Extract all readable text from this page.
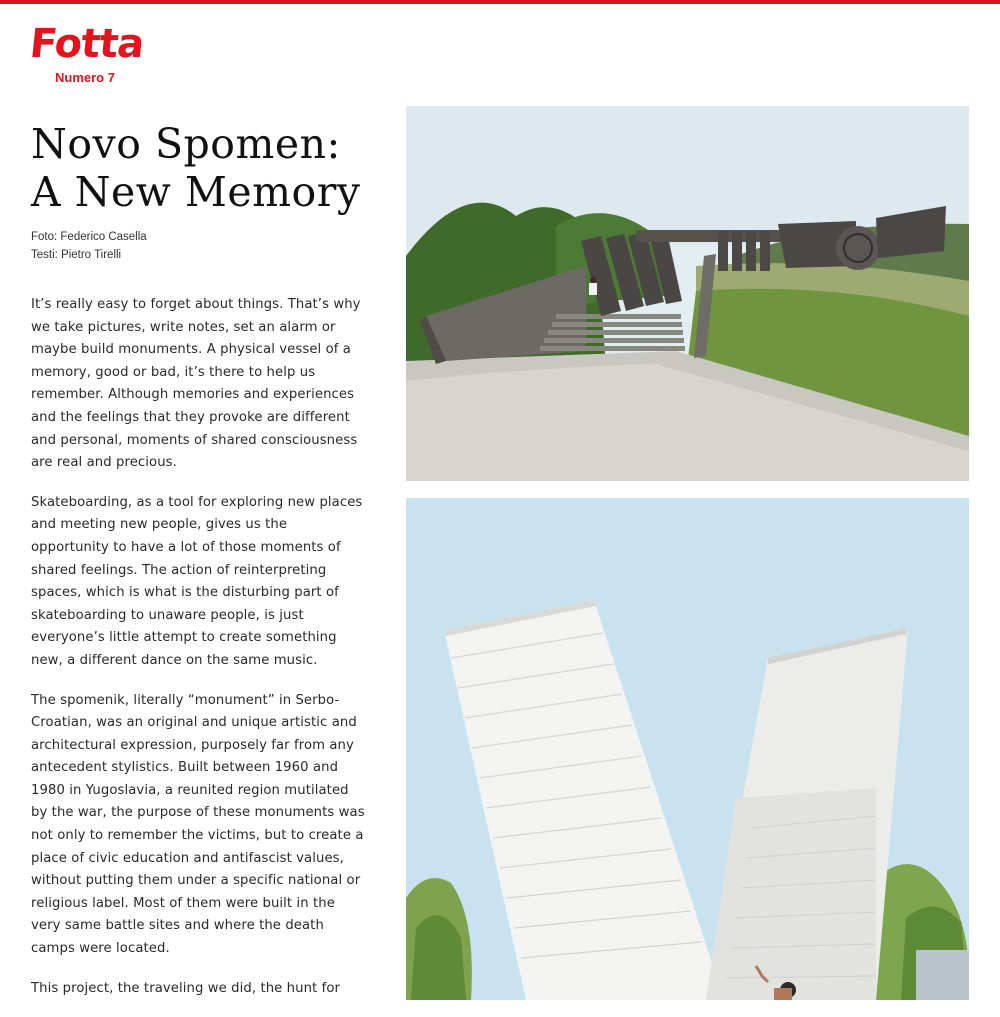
Fotta
Numero 7
Novo Spomen:
A New Memory
Foto: Federico Casella
Testi: Pietro Tirelli

It’s really easy to forget about things. That’s why we take pictures, write notes, set an alarm or maybe build monuments. A physical vessel of a memory, good or bad, it’s there to help us remember. Although memories and experiences and the feelings that they provoke are different and personal, moments of shared consciousness are real and precious.

Skateboarding, as a tool for exploring new places and meeting new people, gives us the opportunity to have a lot of those moments of shared feelings. The action of reinterpreting spaces, which is what is the disturbing part of skateboarding to unaware people, is just everyone’s little attempt to create something new, a different dance on the same music.

The spomenik, literally “monument” in Serbo-Croatian, was an original and unique artistic and architectural expression, purposely far from any antecedent stylistics. Built between 1960 and 1980 in Yugoslavia, a reunited region mutilated by the war, the purpose of these monuments was not only to remember the victims, but to create a place of civic education and antifascist values, without putting them under a specific national or religious label. Most of them were built in the very same battle sites and where the death camps were located.

This project, the traveling we did, the hunt for
